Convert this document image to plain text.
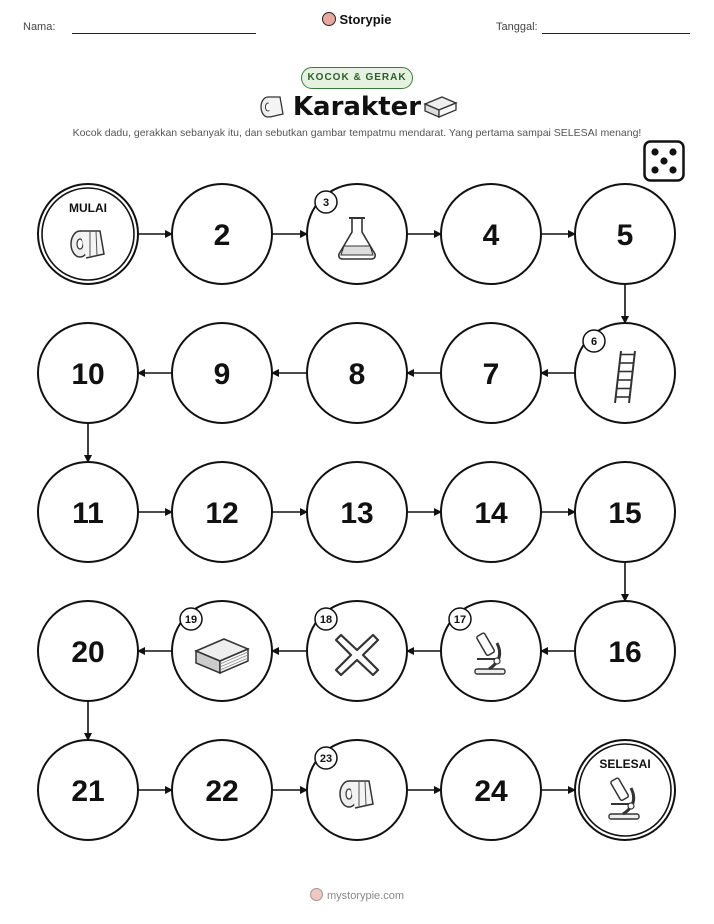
Nama:	Storypie	Tanggal:
KOCOK & GERAK
Karakter
Kocok dadu, gerakkan sebanyak itu, dan sebutkan gambar tempatmu mendarat. Yang pertama sampai SELESAI menang!
MULAI
2
3
4	5
6
7
8
9
10
11	12	13	14	15
16
17
18
19
20
21	22
23
24
SELESAI
mystorypie.com
